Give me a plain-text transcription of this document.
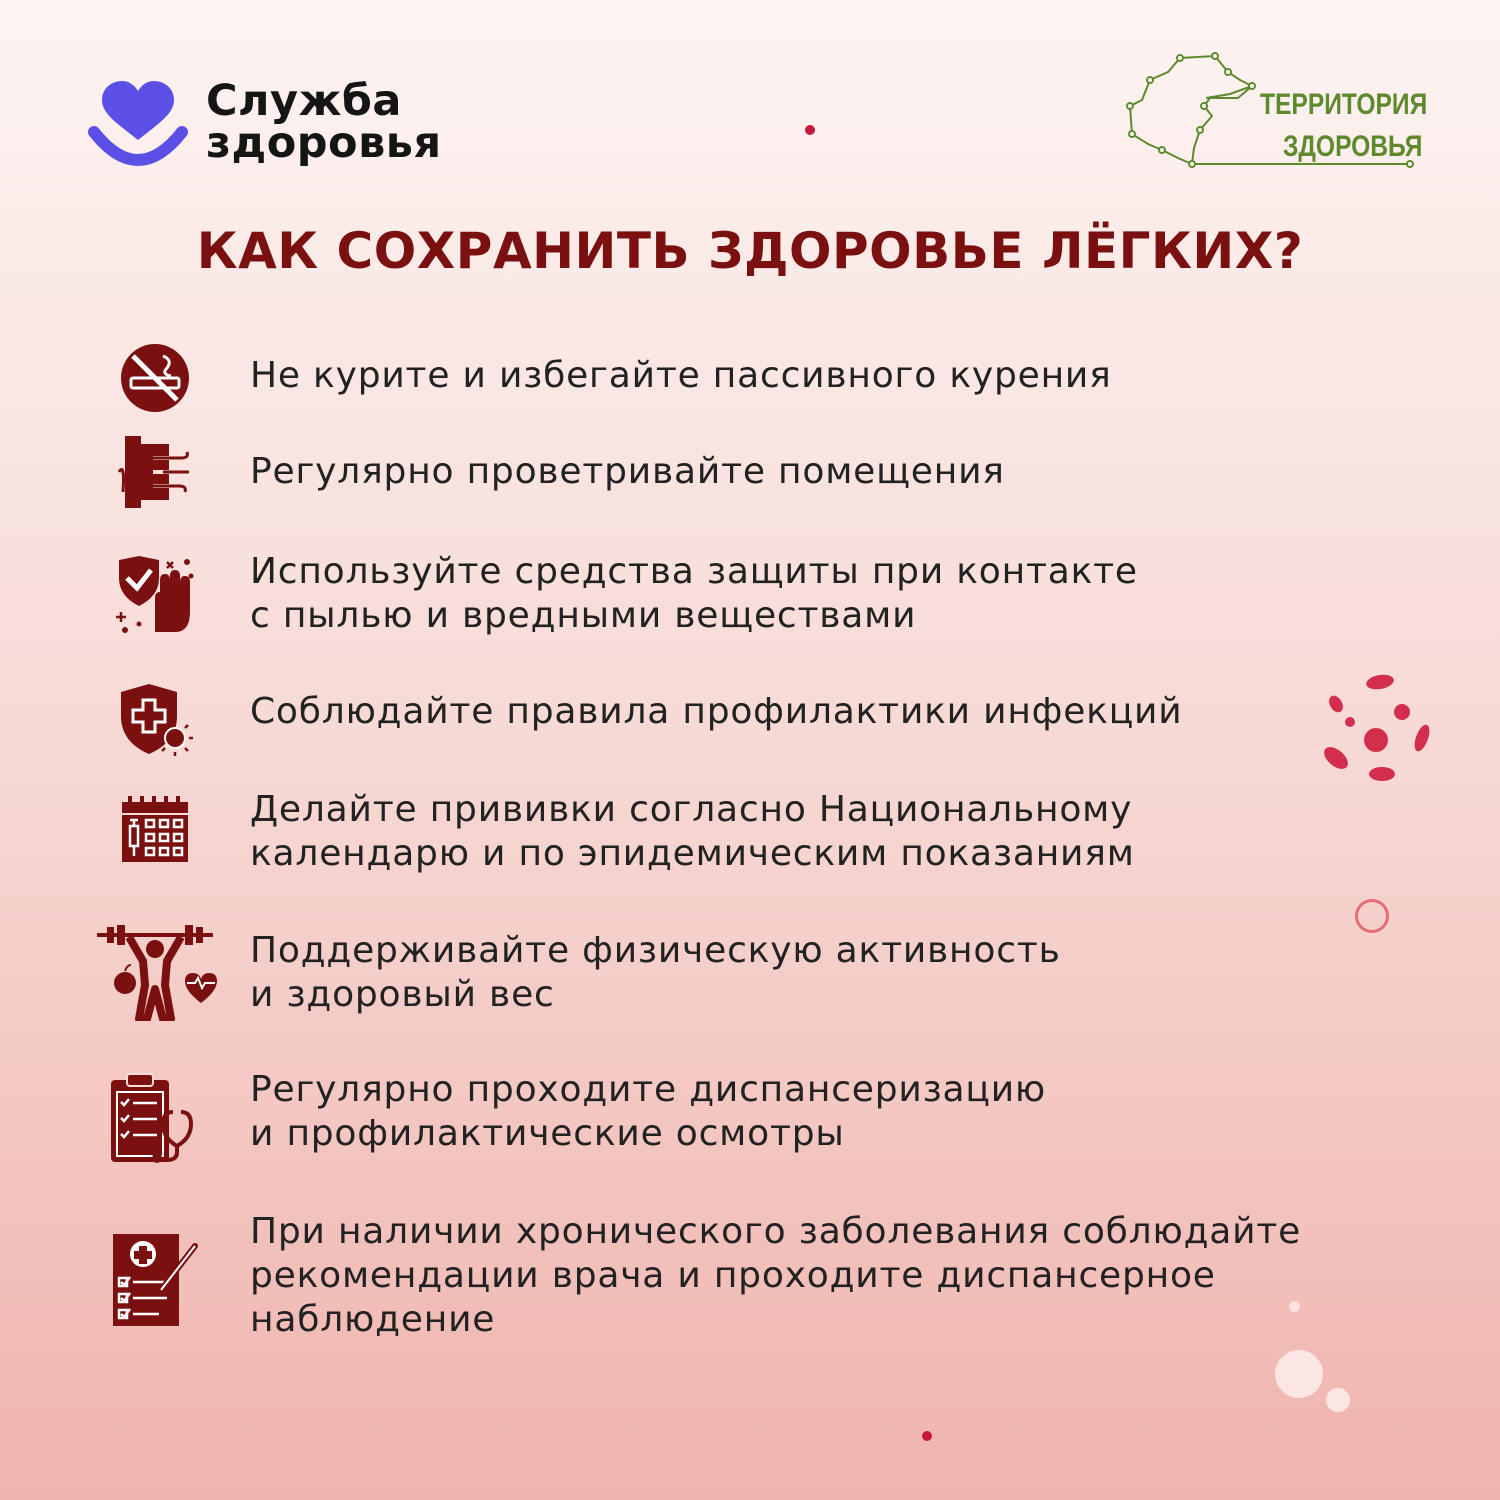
Служба
здоровья
ТЕРРИТОРИЯ
ЗДОРОВЬЯ
КАК СОХРАНИТЬ ЗДОРОВЬЕ ЛЁГКИХ?
Не курите и избегайте пассивного курения
Регулярно проветривайте помещения
Используйте средства защиты при контакте
с пылью и вредными веществами
Соблюдайте правила профилактики инфекций
Делайте прививки согласно Национальному
календарю и по эпидемическим показаниям
Поддерживайте физическую активность
и здоровый вес
Регулярно проходите диспансеризацию
и профилактические осмотры
При наличии хронического заболевания соблюдайте
рекомендации врача и проходите диспансерное
наблюдение
